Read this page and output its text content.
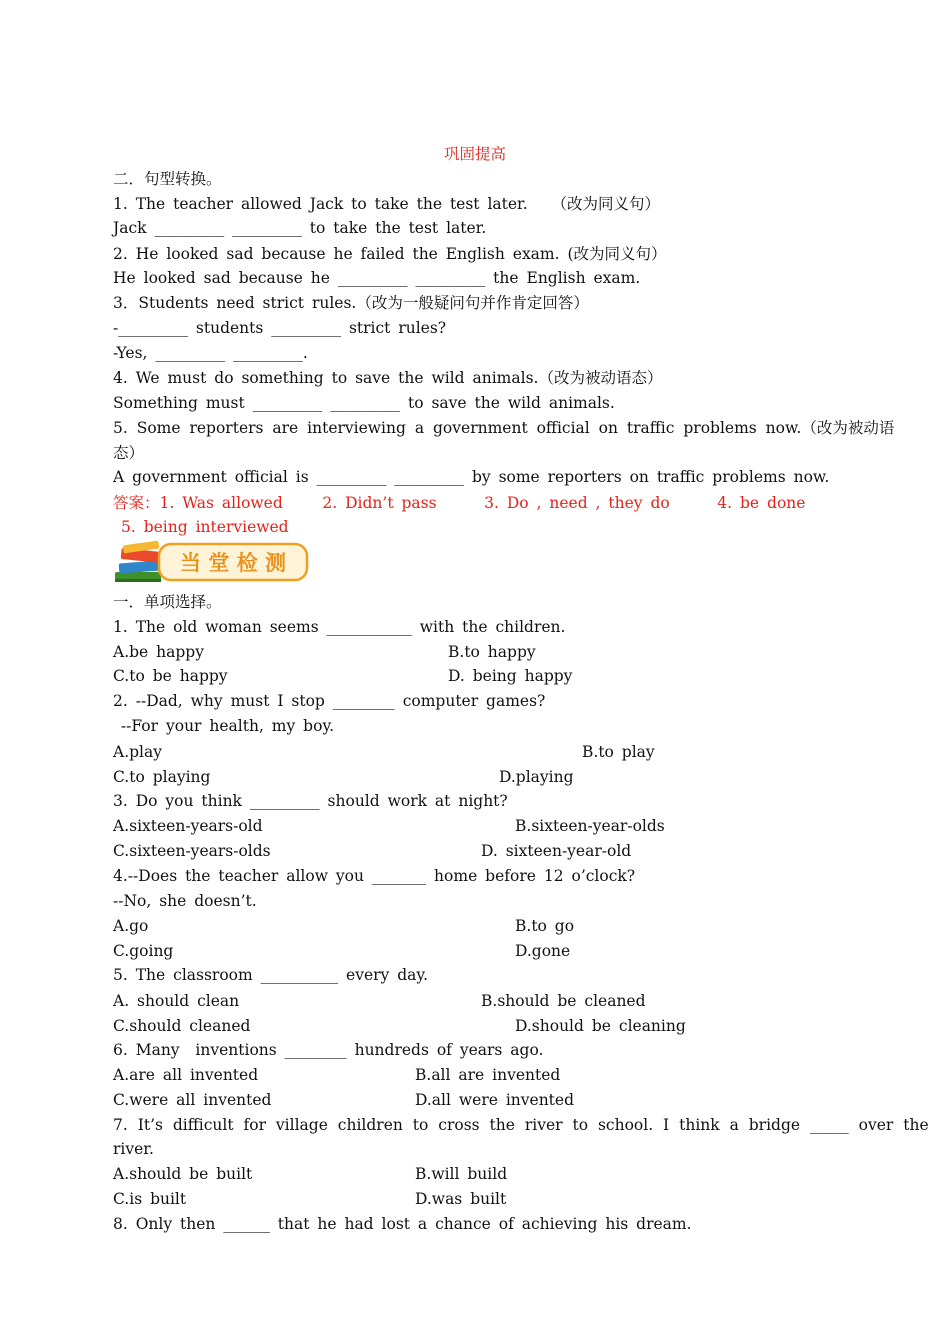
巩固提高
二．句型转换。
1. The teacher allowed Jack to take the test later.   （改为同义句）
Jack _________ _________ to take the test later.
2. He looked sad because he failed the English exam. (改为同义句）
He looked sad because he _________ _________ the English exam.
3．Students need strict rules.（改为一般疑问句并作肯定回答）
-_________ students _________ strict rules?
-Yes, _________ _________.
4. We must do something to save the wild animals.（改为被动语态）
Something must _________ _________ to save the wild animals.
5. Some reporters are interviewing a government official on traffic problems now.（改为被动语
态）
A government official is _________ _________ by some reporters on traffic problems now.
答案：1. Was allowed     2. Didn’t pass      3. Do , need , they do      4. be done
5. being interviewed
当 堂 检 测
一．单项选择。
1. The old woman seems ___________ with the children.
A.be happy	B.to happy
C.to be happy	D. being happy
2. --Dad, why must I stop ________ computer games?
--For your health, my boy.
A.play	B.to play
C.to playing	D.playing
3. Do you think _________ should work at night?
A.sixteen-years-old	B.sixteen-year-olds
C.sixteen-years-olds	D. sixteen-year-old
4.--Does the teacher allow you _______ home before 12 o’clock?
--No, she doesn’t.
A.go	B.to go
C.going	D.gone
5. The classroom __________ every day.
A. should clean	B.should be cleaned
C.should cleaned	D.should be cleaning
6. Many  inventions ________ hundreds of years ago.
A.are all invented	B.all are invented
C.were all invented	D.all were invented
7. It’s difficult for village children to cross the river to school. I think a bridge _____ over the
river.
A.should be built	B.will build
C.is built	D.was built
8. Only then ______ that he had lost a chance of achieving his dream.
